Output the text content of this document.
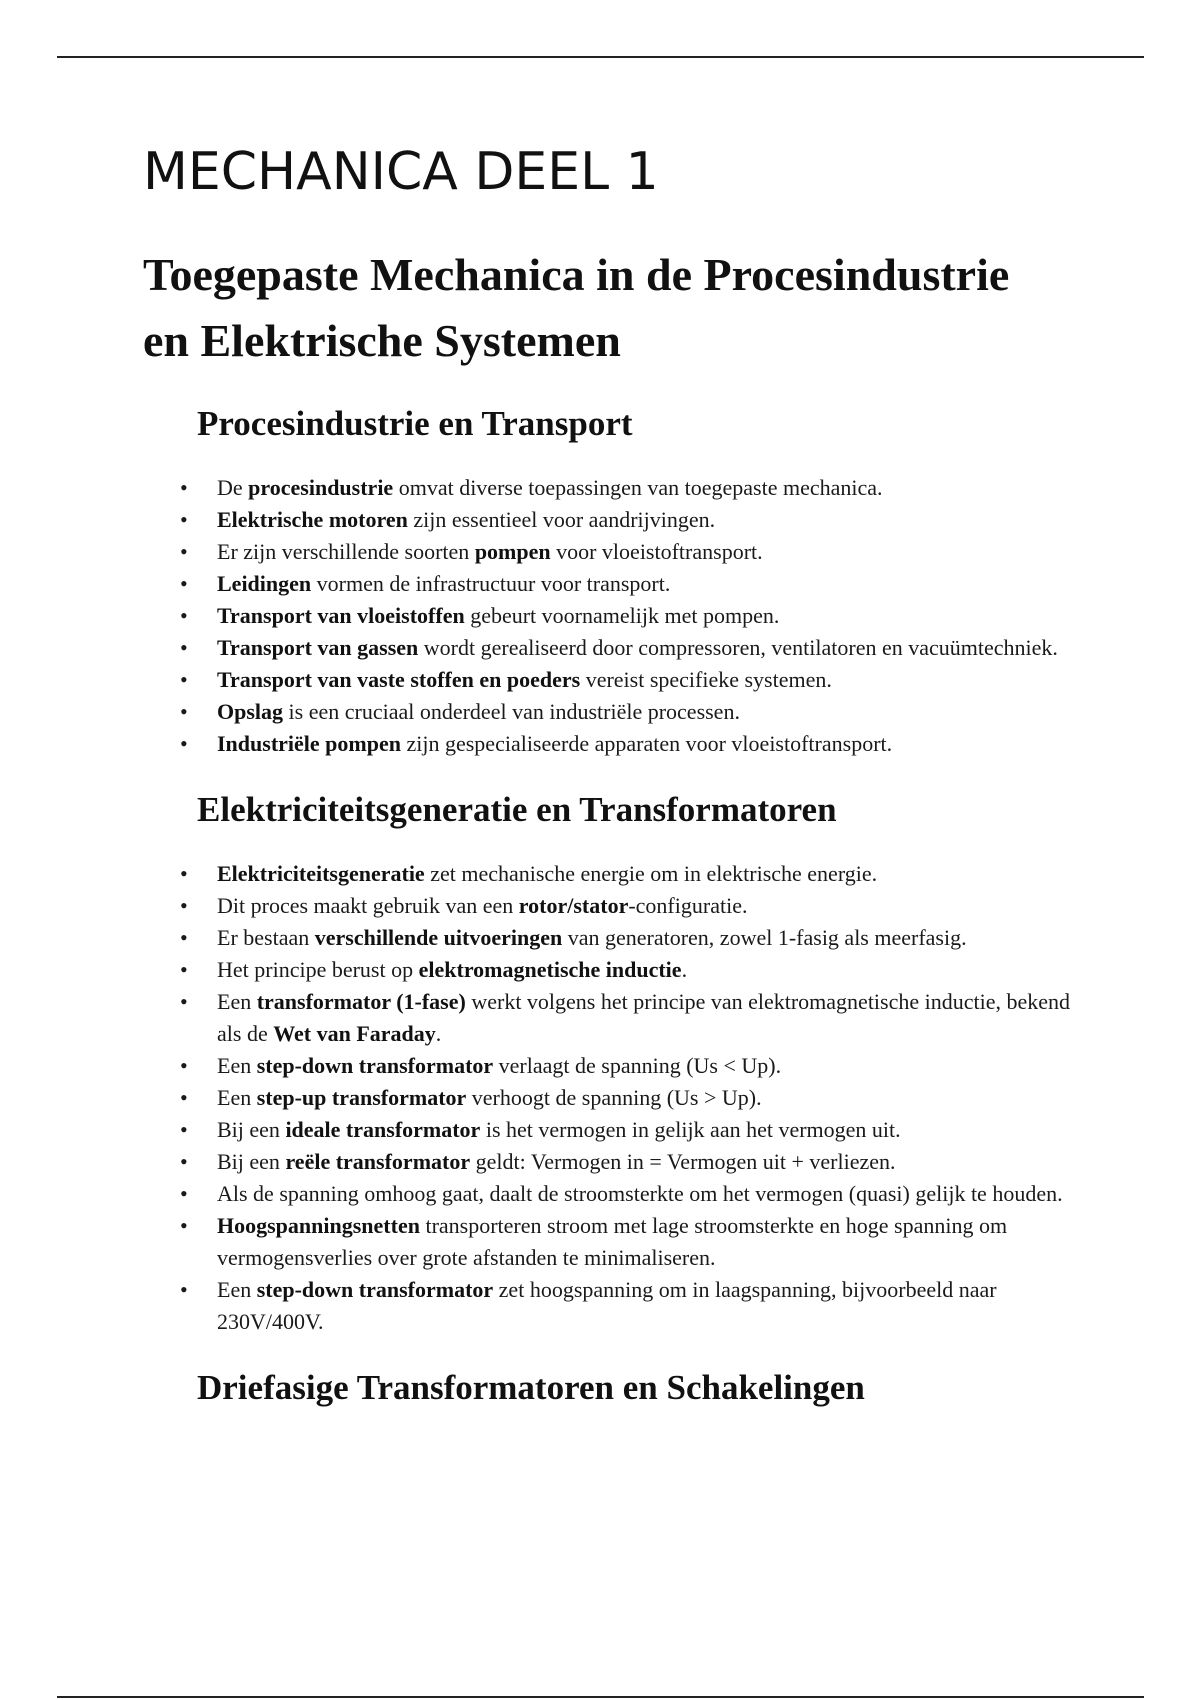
MECHANICA DEEL 1
Toegepaste Mechanica in de Procesindustrie
en Elektrische Systemen
Procesindustrie en Transport
• De procesindustrie omvat diverse toepassingen van toegepaste mechanica.
• Elektrische motoren zijn essentieel voor aandrijvingen.
• Er zijn verschillende soorten pompen voor vloeistoftransport.
• Leidingen vormen de infrastructuur voor transport.
• Transport van vloeistoffen gebeurt voornamelijk met pompen.
• Transport van gassen wordt gerealiseerd door compressoren, ventilatoren en vacuümtechniek.
• Transport van vaste stoffen en poeders vereist specifieke systemen.
• Opslag is een cruciaal onderdeel van industriële processen.
• Industriële pompen zijn gespecialiseerde apparaten voor vloeistoftransport.
Elektriciteitsgeneratie en Transformatoren
• Elektriciteitsgeneratie zet mechanische energie om in elektrische energie.
• Dit proces maakt gebruik van een rotor/stator-configuratie.
• Er bestaan verschillende uitvoeringen van generatoren, zowel 1-fasig als meerfasig.
• Het principe berust op elektromagnetische inductie.
• Een transformator (1-fase) werkt volgens het principe van elektromagnetische inductie, bekend als de Wet van Faraday.
• Een step-down transformator verlaagt de spanning (Us < Up).
• Een step-up transformator verhoogt de spanning (Us > Up).
• Bij een ideale transformator is het vermogen in gelijk aan het vermogen uit.
• Bij een reële transformator geldt: Vermogen in = Vermogen uit + verliezen.
• Als de spanning omhoog gaat, daalt de stroomsterkte om het vermogen (quasi) gelijk te houden.
• Hoogspanningsnetten transporteren stroom met lage stroomsterkte en hoge spanning om vermogensverlies over grote afstanden te minimaliseren.
• Een step-down transformator zet hoogspanning om in laagspanning, bijvoorbeeld naar 230V/400V.
Driefasige Transformatoren en Schakelingen
